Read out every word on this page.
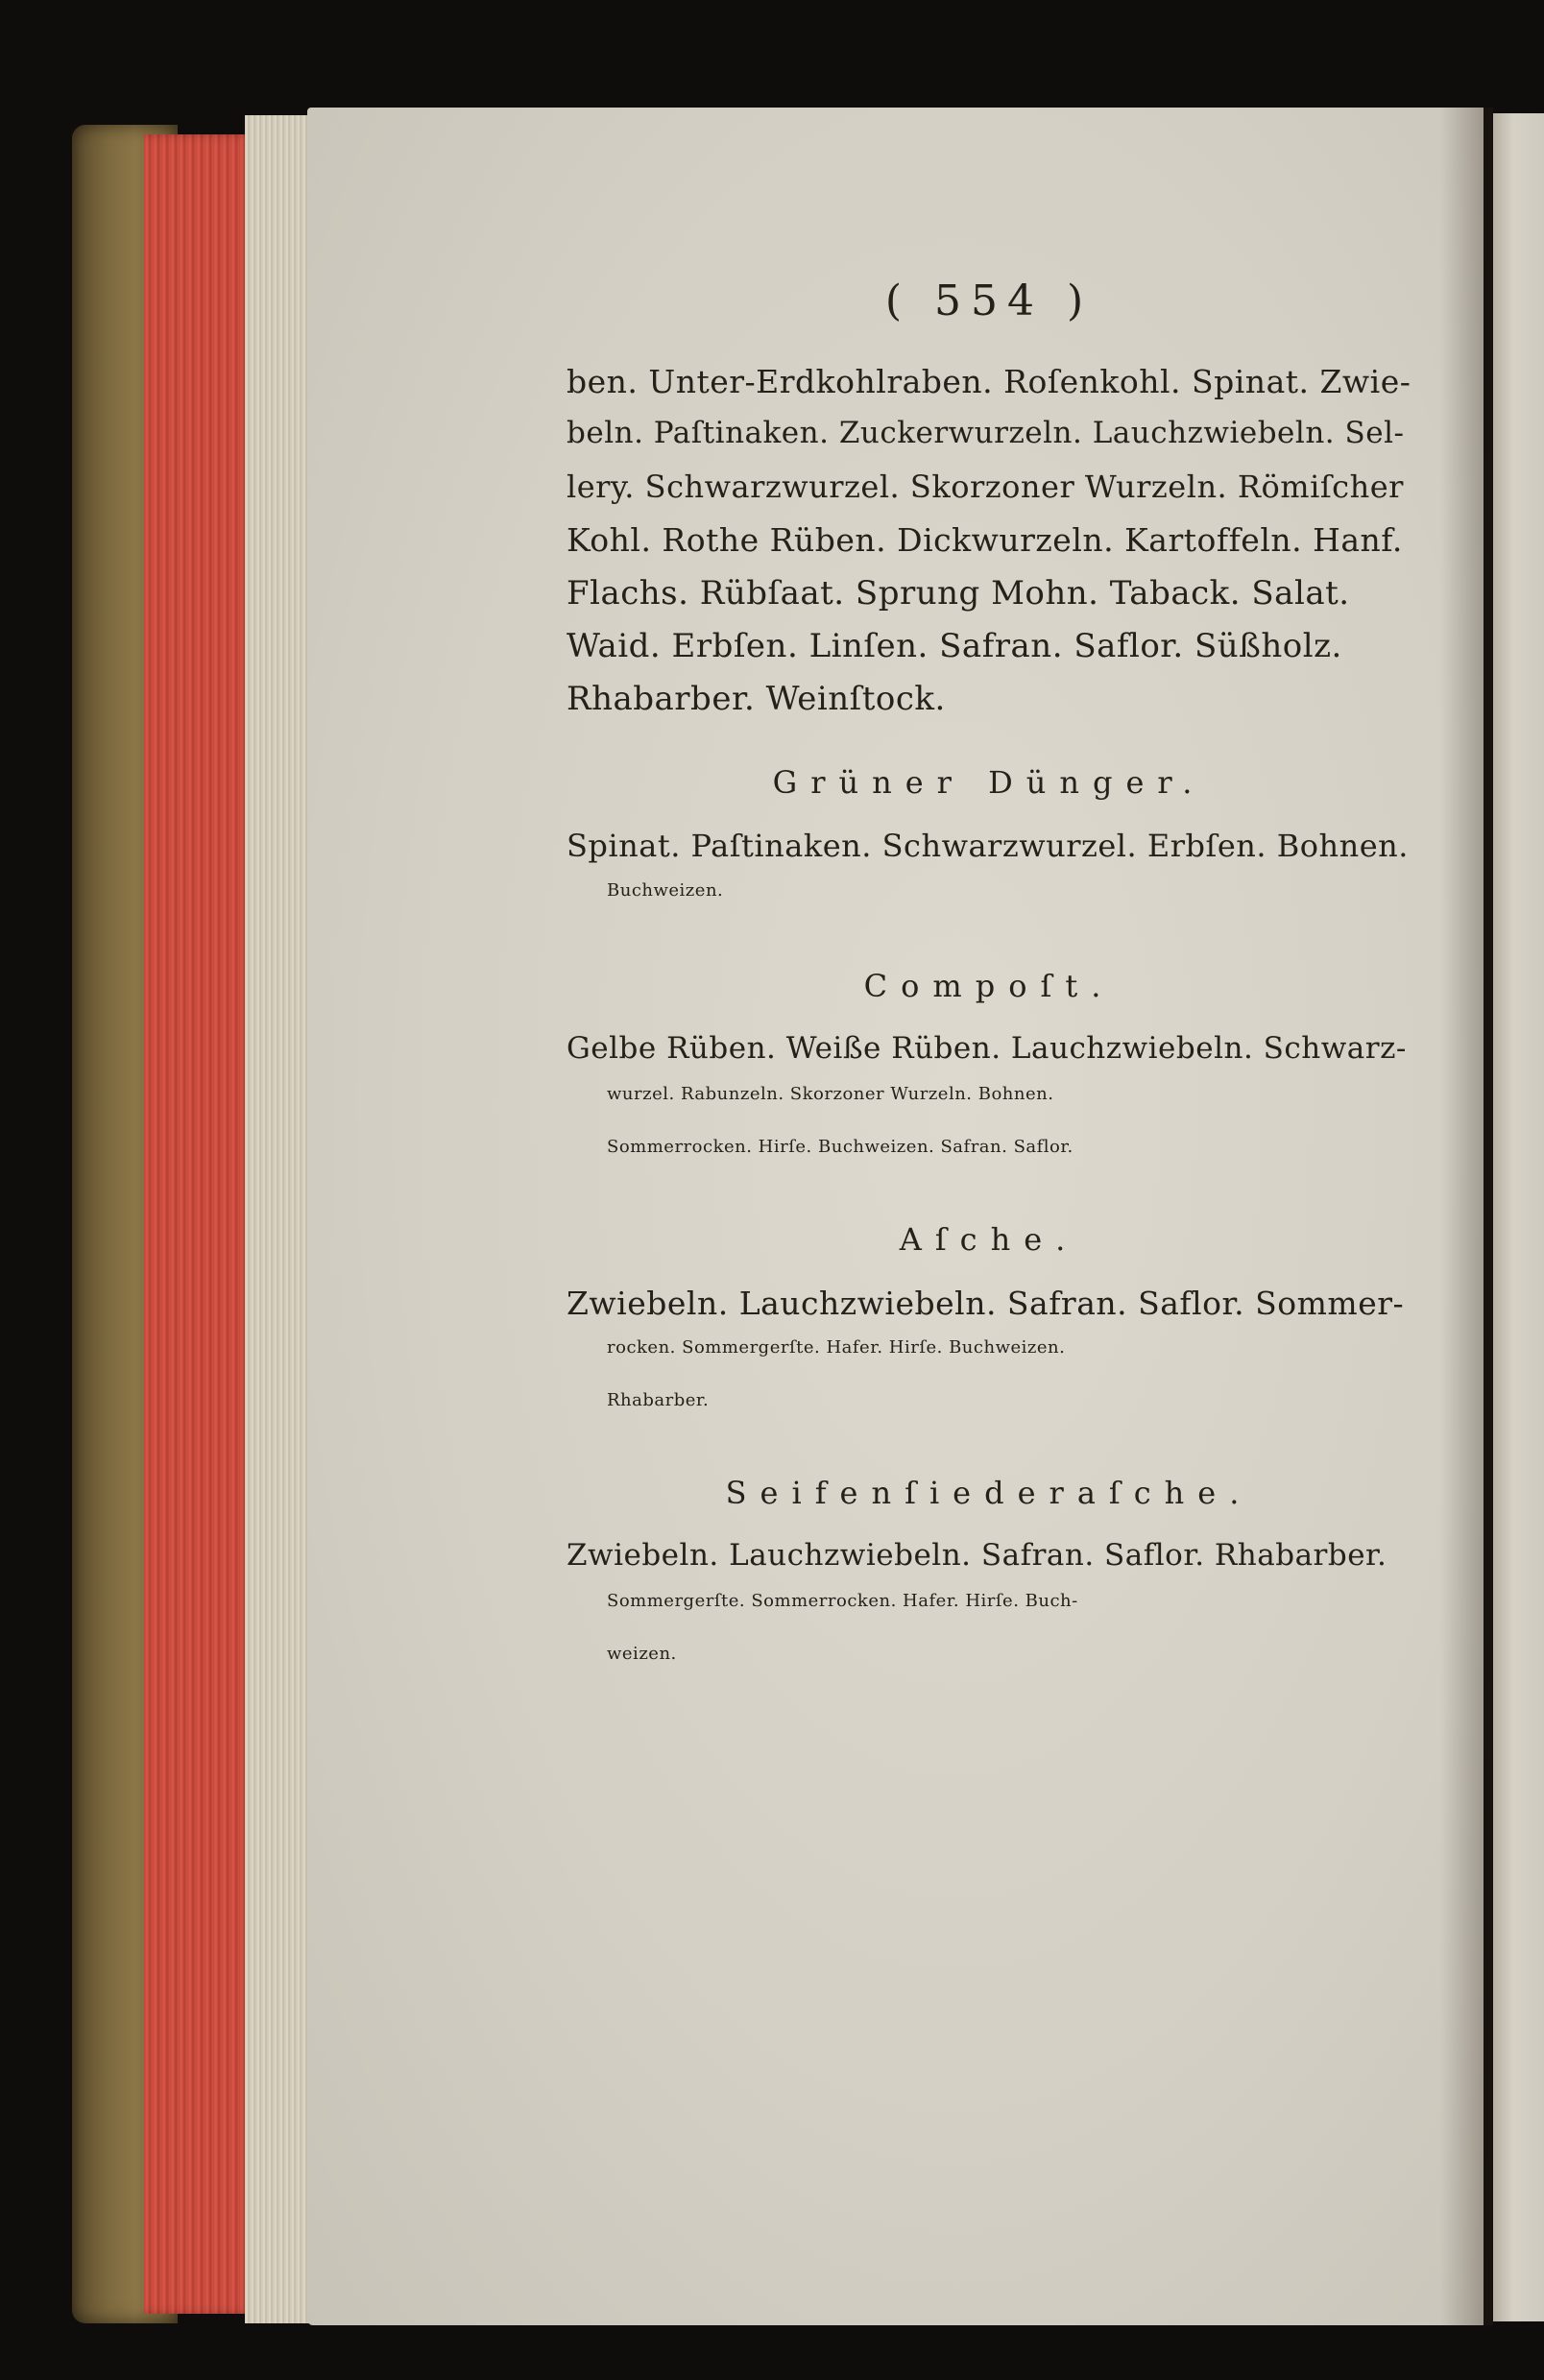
( 554 )
ben. Unter-Erdkohlraben. Roſenkohl. Spinat. Zwie-
beln. Paſtinaken. Zuckerwurzeln. Lauchzwiebeln. Sel-
lery. Schwarzwurzel. Skorzoner Wurzeln. Römiſcher
Kohl. Rothe Rüben. Dickwurzeln. Kartoffeln. Hanf.
Flachs. Rübſaat. Sprung Mohn. Taback. Salat.
Waid. Erbſen. Linſen. Safran. Saflor. Süßholz.
Rhabarber. Weinſtock.
Grüner Dünger.
Spinat. Paſtinaken. Schwarzwurzel. Erbſen. Bohnen.
Buchweizen.
Compoſt.
Gelbe Rüben. Weiße Rüben. Lauchzwiebeln. Schwarz-
wurzel. Rabunzeln. Skorzoner Wurzeln. Bohnen.
Sommerrocken. Hirſe. Buchweizen. Safran. Saflor.
Aſche.
Zwiebeln. Lauchzwiebeln. Safran. Saflor. Sommer-
rocken. Sommergerſte. Hafer. Hirſe. Buchweizen.
Rhabarber.
Seifenſiederaſche.
Zwiebeln. Lauchzwiebeln. Safran. Saflor. Rhabarber.
Sommergerſte. Sommerrocken. Hafer. Hirſe. Buch-
weizen.
